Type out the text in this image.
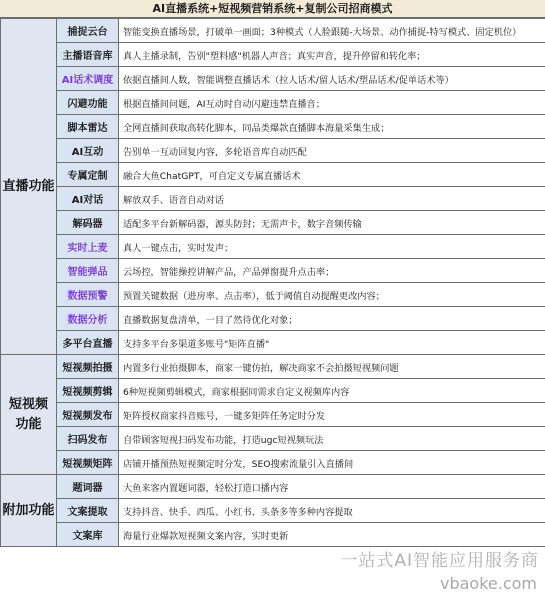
AI直播系统+短视频营销系统+复制公司招商模式
直播功能	捕捉云台	智能变换直播场景，打破单一画面；3种模式（人脸跟随-大场景、动作捕捉-特写模式、固定机位）
	主播语音库	真人主播录制，告别"塑料感"机器人声音；真实声音，提升停留和转化率；
	AI话术调度	依据直播间人数，智能调整直播话术（拉人话术/留人话术/塑品话术/促单话术等）
	闪避功能	根据直播间问题，AI互动时自动闪避违禁直播音；
	脚本雷达	全网直播间获取高转化脚本，同品类爆款直播脚本海量采集生成；
	AI互动	告别单一互动回复内容，多轮语音库自动匹配
	专属定制	融合大鱼ChatGPT，可自定义专属直播话术
	AI对话	解放双手、语音自动对话
	解码器	适配多平台新解码器，源头防封；无需声卡，数字音频传输
	实时上麦	真人一键点击，实时发声；
	智能弹品	云场控，智能操控讲解产品，产品弹窗提升点击率；
	数据预警	预置关键数据（进房率、点击率），低于阈值自动提醒更改内容；
	数据分析	直播数据复盘清单，一目了然待优化对象；
	多平台直播	支持多平台多渠道多账号"矩阵直播"
短视频
功能	短视频拍摄	内置多行业拍摄脚本，商家一键仿拍，解决商家不会拍摄短视频问题
	短视频剪辑	6种短视频剪辑模式，商家根据同需求自定义视频库内容
	短视频发布	矩阵授权商家抖音账号，一键多矩阵任务定时分发
	扫码发布	自带顾客短视扫码发布功能，打造ugc短视频玩法
	短视频矩阵	店铺开播预热短视频定时分发，SEO搜索流量引入直播间
附加功能	题词器	大鱼来客内置题词器，轻松打造口播内容
	文案提取	支持抖音、快手、西瓜、小红书、头条多等多种内容提取
	文案库	海量行业爆款短视频文案内容，实时更新
一站式AI智能应用服务商
vbaoke.com
